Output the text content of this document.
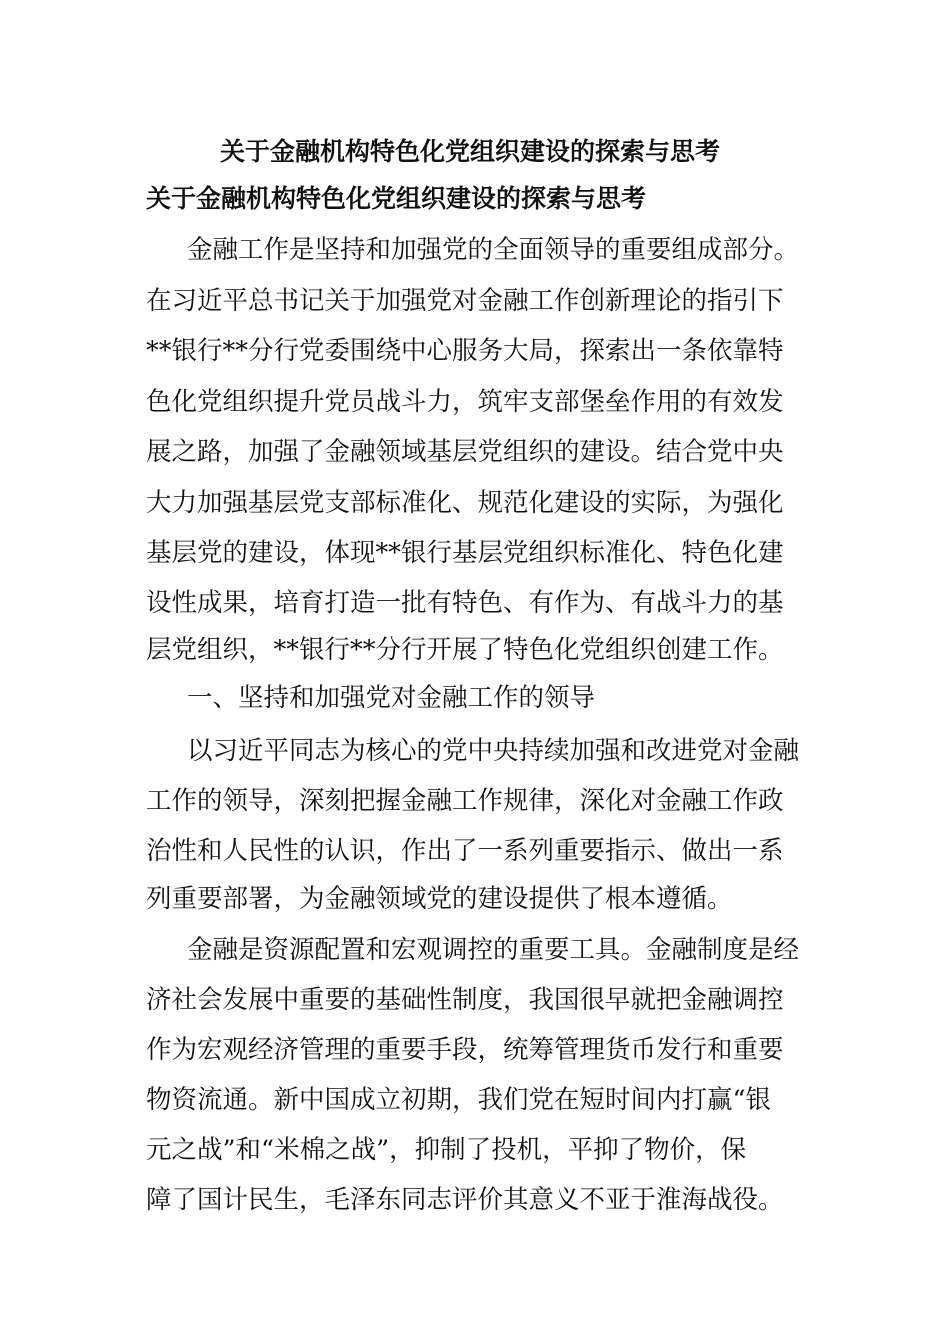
关于金融机构特色化党组织建设的探索与思考
关于金融机构特色化党组织建设的探索与思考

金融工作是坚持和加强党的全面领导的重要组成部分。

在习近平总书记关于加强党对金融工作创新理论的指引下

**银行**分行党委围绕中心服务大局，探索出一条依靠特

色化党组织提升党员战斗力，筑牢支部堡垒作用的有效发

展之路，加强了金融领域基层党组织的建设。结合党中央

大力加强基层党支部标准化、规范化建设的实际，为强化

基层党的建设，体现**银行基层党组织标准化、特色化建

设性成果，培育打造一批有特色、有作为、有战斗力的基

层党组织，**银行**分行开展了特色化党组织创建工作。

一、坚持和加强党对金融工作的领导

以习近平同志为核心的党中央持续加强和改进党对金融

工作的领导，深刻把握金融工作规律，深化对金融工作政

治性和人民性的认识，作出了一系列重要指示、做出一系

列重要部署，为金融领域党的建设提供了根本遵循。

金融是资源配置和宏观调控的重要工具。金融制度是经

济社会发展中重要的基础性制度，我国很早就把金融调控

作为宏观经济管理的重要手段，统筹管理货币发行和重要

物资流通。新中国成立初期，我们党在短时间内打赢“银

元之战”和“米棉之战”，抑制了投机，平抑了物价，保

障了国计民生，毛泽东同志评价其意义不亚于淮海战役。
